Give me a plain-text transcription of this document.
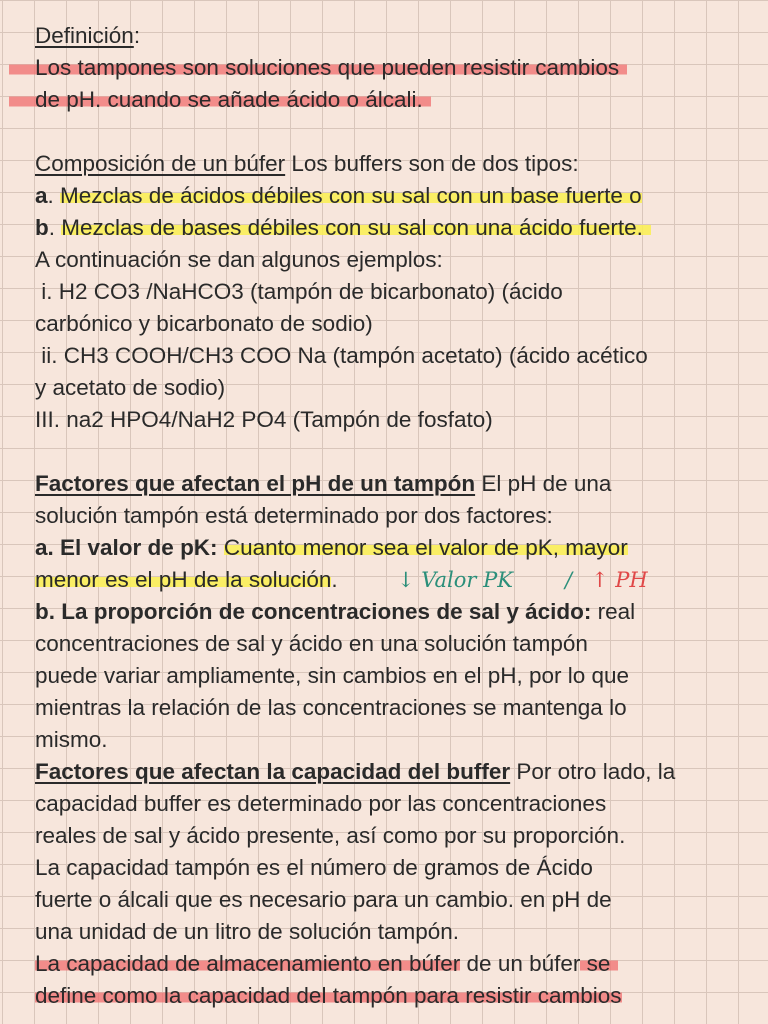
Definición:
Los tampones son soluciones que pueden resistir cambios
de pH. cuando se añade ácido o álcali.
Composición de un búfer Los buffers son de dos tipos:
a. Mezclas de ácidos débiles con su sal con un base fuerte o
b. Mezclas de bases débiles con su sal con una ácido fuerte.
A continuación se dan algunos ejemplos:
i. H2 CO3 /NaHCO3 (tampón de bicarbonato) (ácido
carbónico y bicarbonato de sodio)
ii. CH3 COOH/CH3 COO Na (tampón acetato) (ácido acético
y acetato de sodio)
III. na2 HPO4/NaH2 PO4 (Tampón de fosfato)
Factores que afectan el pH de un tampón El pH de una
solución tampón está determinado por dos factores:
a. El valor de pK: Cuanto menor sea el valor de pK, mayor
menor es el pH de la solución.	↓ Valor PK / ↑ PH
b. La proporción de concentraciones de sal y ácido: real
concentraciones de sal y ácido en una solución tampón
puede variar ampliamente, sin cambios en el pH, por lo que
mientras la relación de las concentraciones se mantenga lo
mismo.
Factores que afectan la capacidad del buffer Por otro lado, la
capacidad buffer es determinado por las concentraciones
reales de sal y ácido presente, así como por su proporción.
La capacidad tampón es el número de gramos de Ácido
fuerte o álcali que es necesario para un cambio. en pH de
una unidad de un litro de solución tampón.
La capacidad de almacenamiento en búfer de un búfer se
define como la capacidad del tampón para resistir cambios
